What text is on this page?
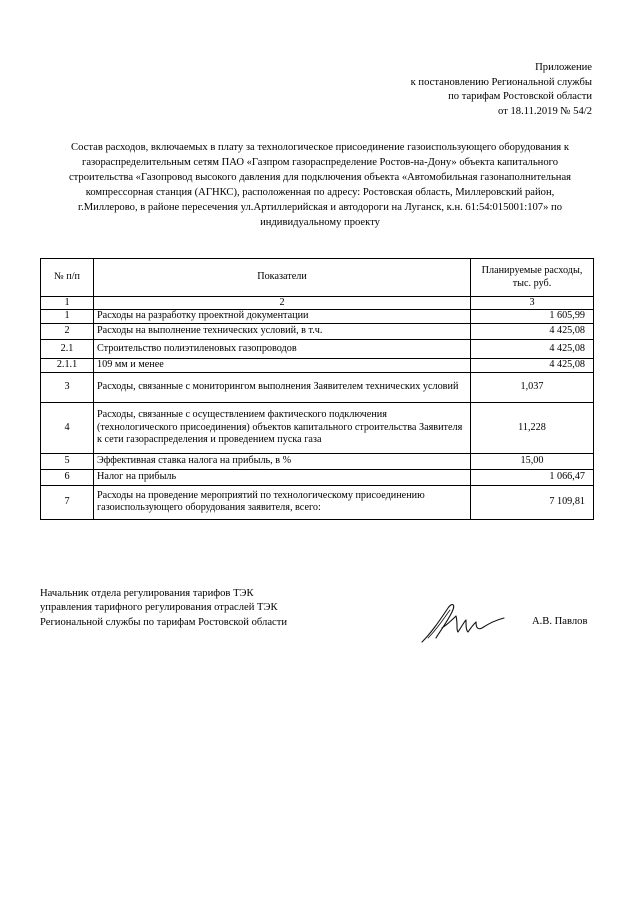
Приложение
к постановлению Региональной службы
по тарифам Ростовской области
от 18.11.2019 № 54/2
Состав расходов, включаемых в плату за технологическое присоединение газоиспользующего оборудования к
газораспределительным сетям ПАО «Газпром газораспределение Ростов-на-Дону» объекта капитального
строительства «Газопровод высокого давления для подключения объекта «Автомобильная газонаполнительная
компрессорная станция (АГНКС), расположенная по адресу: Ростовская область, Миллеровский район,
г.Миллерово, в районе пересечения ул.Артиллерийская и автодороги на Луганск, к.н. 61:54:015001:107» по
индивидуальному проекту
№ п/п	Показатели	Планируемые расходы,
тыс. руб.

1	2	3
1	Расходы на разработку проектной документации	1 605,99
2	Расходы на выполнение технических условий, в т.ч.	4 425,08
2.1	Строительство полиэтиленовых газопроводов	4 425,08
2.1.1	109 мм и менее	4 425,08
3	Расходы, связанные с мониторингом выполнения Заявителем технических условий	1,037
4	Расходы, связанные с осуществлением фактического подключения (технологического присоединения) объектов капитального строительства Заявителя к сети газораспределения и проведением пуска газа	11,228
5	Эффективная ставка налога на прибыль, в %	15,00
6	Налог на прибыль	1 066,47
7	Расходы на проведение мероприятий по технологическому присоединению газоиспользующего оборудования заявителя, всего:	7 109,81
Начальник отдела регулирования тарифов ТЭК
управления тарифного регулирования отраслей ТЭК
Региональной службы по тарифам Ростовской области	А.В. Павлов
